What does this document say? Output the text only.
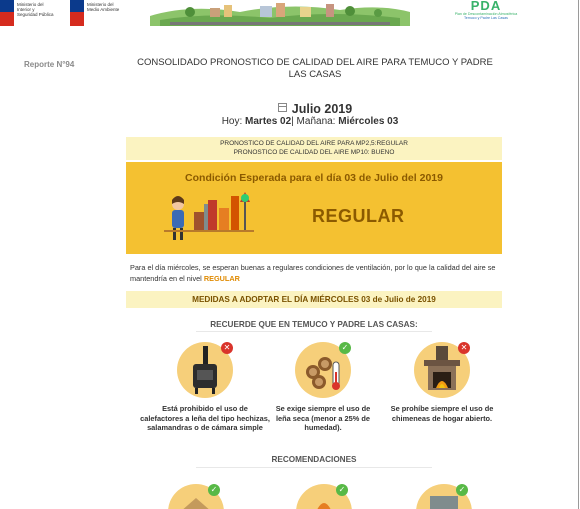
Ministerio del
Interior y
Seguridad Pública
Ministerio del
Medio Ambiente	PDA
Plan de Descontaminación Atmosférica
Temuco y Padre Las Casas
Reporte N°94	CONSOLIDADO PRONOSTICO DE CALIDAD DEL AIRE PARA TEMUCO Y PADRE LAS CASAS
Julio 2019
Hoy: Martes 02| Mañana: Miércoles 03
PRONOSTICO DE CALIDAD DEL AIRE PARA MP2,5:REGULAR
PRONOSTICO DE CALIDAD DEL AIRE MP10: BUENO
Condición Esperada para el día 03 de Julio del 2019
REGULAR
Para el día miércoles, se esperan buenas a regulares condiciones de ventilación, por lo que la calidad del aire se mantendría en el nivel REGULAR
MEDIDAS A ADOPTAR EL DÍA MIÉRCOLES 03 de Julio de 2019
RECUERDE QUE EN TEMUCO Y PADRE LAS CASAS:
✕
Está prohibido el uso de calefactores a leña del tipo hechizas, salamandras o de cámara simple
✓
Se exige siempre el uso de leña seca (menor a 25% de humedad).
✕
Se prohíbe siempre el uso de chimeneas de hogar abierto.
RECOMENDACIONES
✓	✓	✓
